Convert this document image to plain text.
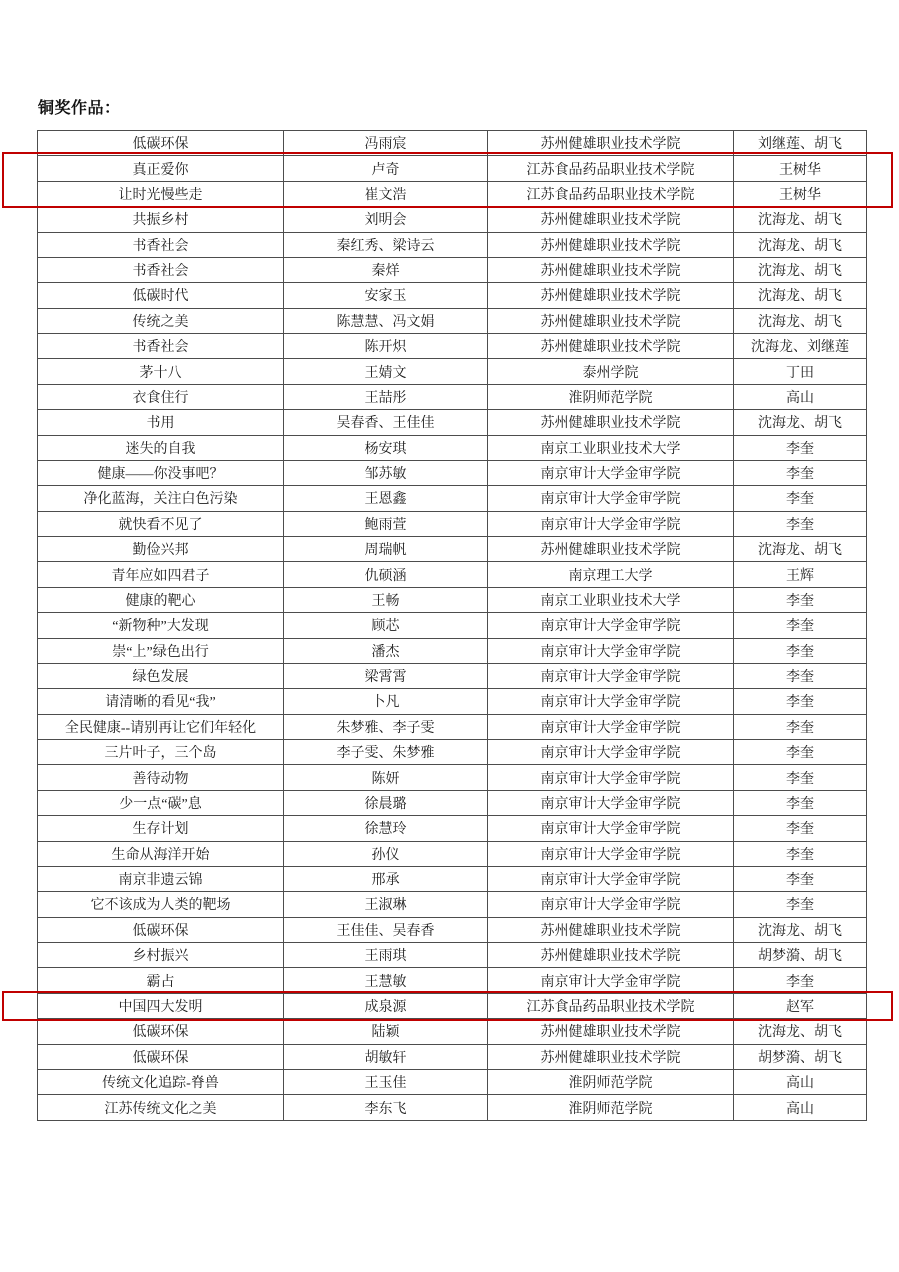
铜奖作品：
低碳环保	冯雨宸	苏州健雄职业技术学院	刘继莲、胡飞
真正爱你	卢奇	江苏食品药品职业技术学院	王树华
让时光慢些走	崔文浩	江苏食品药品职业技术学院	王树华
共振乡村	刘明会	苏州健雄职业技术学院	沈海龙、胡飞
书香社会	秦红秀、梁诗云	苏州健雄职业技术学院	沈海龙、胡飞
书香社会	秦烊	苏州健雄职业技术学院	沈海龙、胡飞
低碳时代	安家玉	苏州健雄职业技术学院	沈海龙、胡飞
传统之美	陈慧慧、冯文娟	苏州健雄职业技术学院	沈海龙、胡飞
书香社会	陈开炽	苏州健雄职业技术学院	沈海龙、刘继莲
茅十八	王婧文	泰州学院	丁田
衣食住行	王喆彤	淮阴师范学院	高山
书用	吴春香、王佳佳	苏州健雄职业技术学院	沈海龙、胡飞
迷失的自我	杨安琪	南京工业职业技术大学	李奎
健康——你没事吧？	邹苏敏	南京审计大学金审学院	李奎
净化蓝海，关注白色污染	王恩鑫	南京审计大学金审学院	李奎
就快看不见了	鲍雨萱	南京审计大学金审学院	李奎
勤俭兴邦	周瑞帆	苏州健雄职业技术学院	沈海龙、胡飞
青年应如四君子	仇硕涵	南京理工大学	王辉
健康的靶心	王畅	南京工业职业技术大学	李奎
“新物种”大发现	顾芯	南京审计大学金审学院	李奎
崇“上”绿色出行	潘杰	南京审计大学金审学院	李奎
绿色发展	梁霄霄	南京审计大学金审学院	李奎
请清晰的看见“我”	卜凡	南京审计大学金审学院	李奎
全民健康--请别再让它们年轻化	朱梦雅、李子雯	南京审计大学金审学院	李奎
三片叶子，三个岛	李子雯、朱梦雅	南京审计大学金审学院	李奎
善待动物	陈妍	南京审计大学金审学院	李奎
少一点“碳”息	徐晨璐	南京审计大学金审学院	李奎
生存计划	徐慧玲	南京审计大学金审学院	李奎
生命从海洋开始	孙仪	南京审计大学金审学院	李奎
南京非遗云锦	邢承	南京审计大学金审学院	李奎
它不该成为人类的靶场	王淑琳	南京审计大学金审学院	李奎
低碳环保	王佳佳、吴春香	苏州健雄职业技术学院	沈海龙、胡飞
乡村振兴	王雨琪	苏州健雄职业技术学院	胡梦漪、胡飞
霸占	王慧敏	南京审计大学金审学院	李奎
中国四大发明	成泉源	江苏食品药品职业技术学院	赵军
低碳环保	陆颖	苏州健雄职业技术学院	沈海龙、胡飞
低碳环保	胡敏轩	苏州健雄职业技术学院	胡梦漪、胡飞
传统文化追踪-脊兽	王玉佳	淮阴师范学院	高山
江苏传统文化之美	李东飞	淮阴师范学院	高山
